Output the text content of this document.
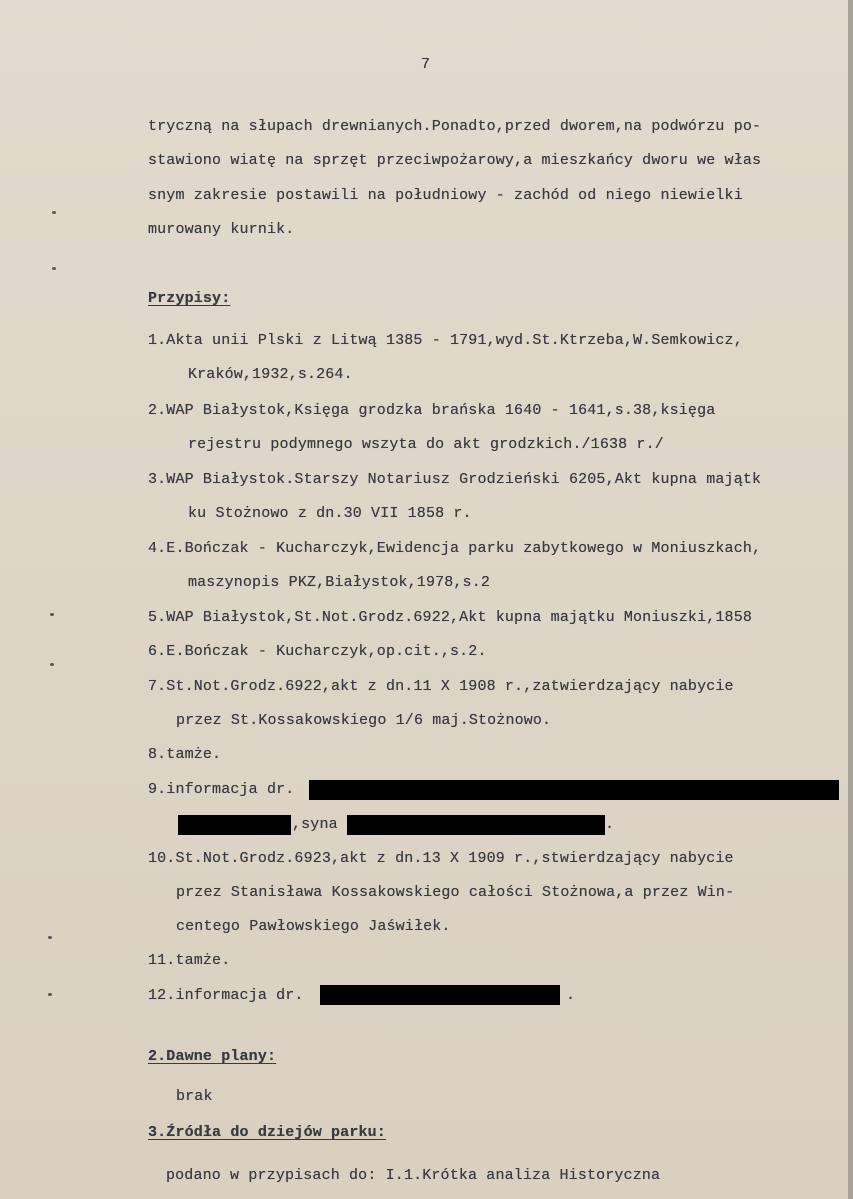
7
tryczną na słupach drewnianych.Ponadto,przed dworem,na podwórzu po-
stawiono wiatę na sprzęt przeciwpożarowy,a mieszkańcy dworu we włas
snym zakresie postawili na południowy - zachód od niego niewielki
murowany kurnik.
Przypisy:
1.Akta unii Plski z Litwą 1385 - 1791,wyd.St.Ktrzeba,W.Semkowicz,
Kraków,1932,s.264.
2.WAP Białystok,Księga grodzka brańska 1640 - 1641,s.38,księga
rejestru podymnego wszyta do akt grodzkich./1638 r./
3.WAP Białystok.Starszy Notariusz Grodzieński 6205,Akt kupna majątk
ku Stożnowo z dn.30 VII 1858 r.
4.E.Bończak - Kucharczyk,Ewidencja parku zabytkowego w Moniuszkach,
maszynopis PKZ,Białystok,1978,s.2
5.WAP Białystok,St.Not.Grodz.6922,Akt kupna majątku Moniuszki,1858
6.E.Bończak - Kucharczyk,op.cit.,s.2.
7.St.Not.Grodz.6922,akt z dn.11 X 1908 r.,zatwierdzający nabycie
przez St.Kossakowskiego 1/6 maj.Stożnowo.
8.tamże.
9.informacja dr.
,syna	.
10.St.Not.Grodz.6923,akt z dn.13 X 1909 r.,stwierdzający nabycie
przez Stanisława Kossakowskiego całości Stożnowa,a przez Win-
centego Pawłowskiego Jaświłek.
11.tamże.
12.informacja dr.	.
2.Dawne plany:
brak
3.Źródła do dziejów parku:
podano w przypisach do: I.1.Krótka analiza Historyczna
